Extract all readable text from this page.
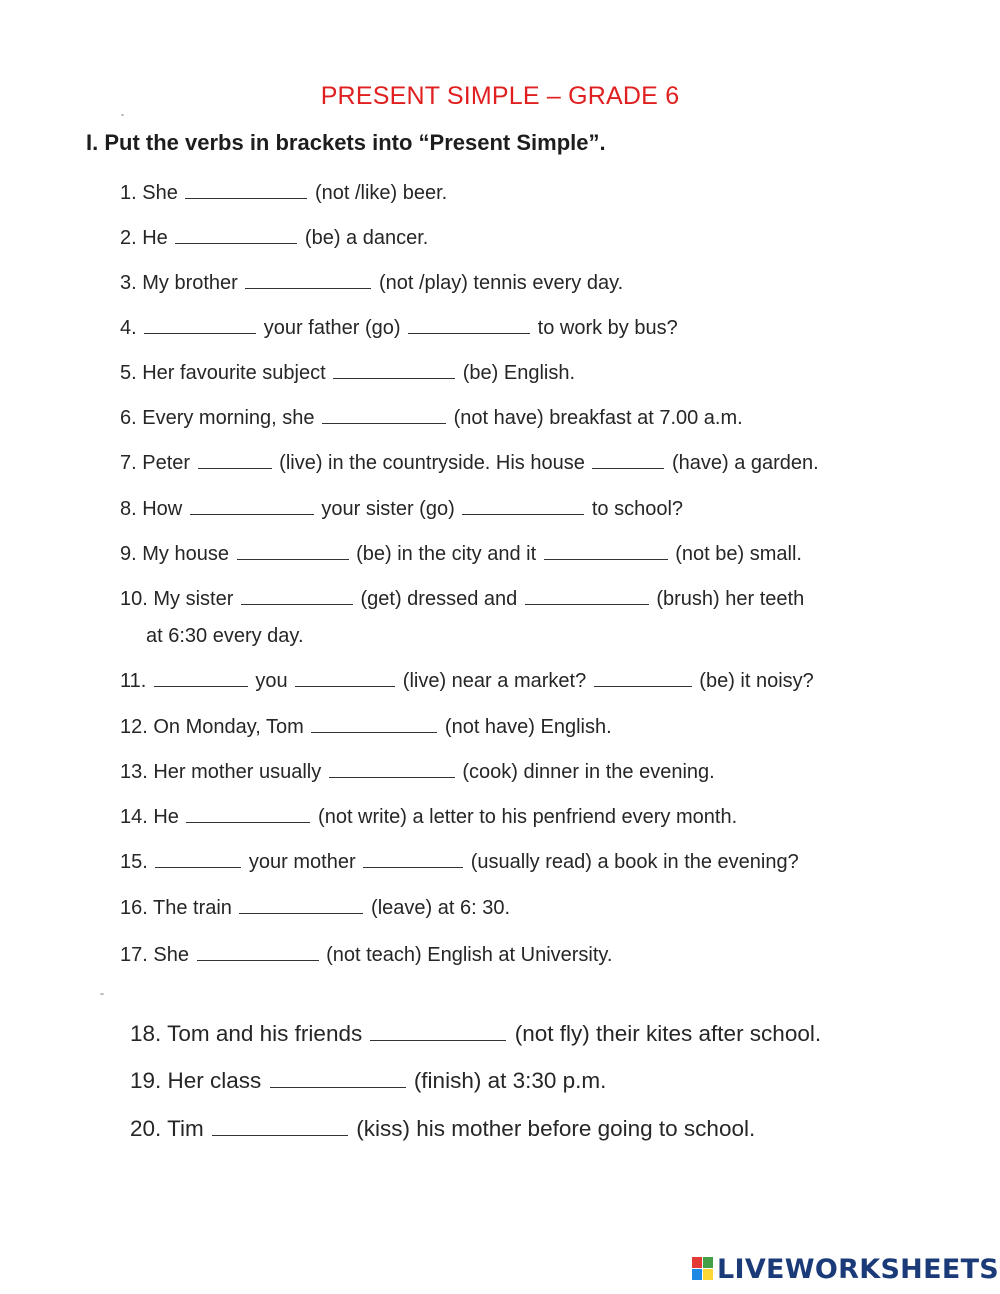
PRESENT SIMPLE – GRADE 6
I. Put the verbs in brackets into “Present Simple”.
1. She	(not /like) beer.
2. He	(be) a dancer.
3. My brother	(not /play) tennis every day.
4.	your father (go)	to work by bus?
5. Her favourite subject	(be) English.
6. Every morning, she	(not have) breakfast at 7.00 a.m.
7. Peter	(live) in the countryside. His house	(have) a garden.
8. How	your sister (go)	to school?
9. My house	(be) in the city and it	(not be) small.
10. My sister	(get) dressed and	(brush) her teeth
at 6:30 every day.
11.	you	(live) near a market?	(be) it noisy?
12. On Monday, Tom	(not have) English.
13. Her mother usually	(cook) dinner in the evening.
14. He	(not write) a letter to his penfriend every month.
15.	your mother	(usually read) a book in the evening?
16. The train	(leave) at 6: 30.
17. She	(not teach) English at University.
18. Tom and his friends	(not fly) their kites after school.
19. Her class	(finish) at 3:30 p.m.
20. Tim	(kiss) his mother before going to school.
LIVEWORKSHEETS
